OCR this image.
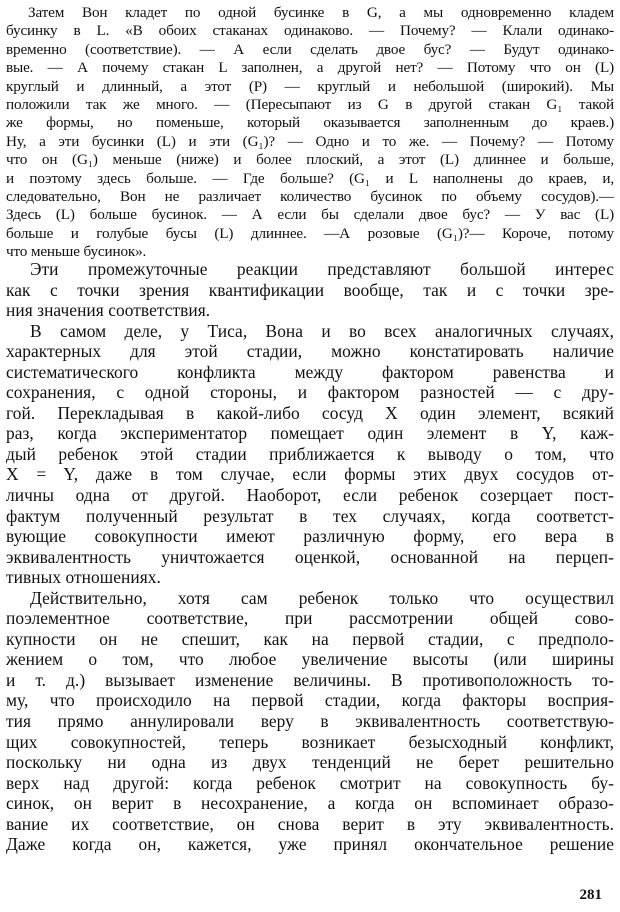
Затем Вон кладет по одной бусинке в G, а мы одновременно кладем
бусинку в L. «В обоих стаканах одинаково. — Почему? — Клали одинако-
временно (соответствие). — А если сделать двое бус? — Будут одинако-
вые. — А почему стакан L заполнен, а другой нет? — Потому что он (L)
круглый и длинный, а этот (P) — круглый и небольшой (широкий). Мы
положили так же много. — (Пересыпают из G в другой стакан G₁ такой
же формы, но поменьше, который оказывается заполненным до краев.)
Ну, а эти бусинки (L) и эти (G₁)? — Одно и то же. — Почему? — Потому
что он (G₁) меньше (ниже) и более плоский, а этот (L) длиннее и больше,
и поэтому здесь больше. — Где больше? (G₁ и L наполнены до краев, и,
следовательно, Вон не различает количество бусинок по объему сосудов).—
Здесь (L) больше бусинок. — А если бы сделали двое бус? — У вас (L)
больше и голубые бусы (L) длиннее. —А розовые (G₁)?— Короче, потому
что меньше бусинок».
Эти промежуточные реакции представляют большой интерес
как с точки зрения квантификации вообще, так и с точки зре-
ния значения соответствия.
В самом деле, у Тиса, Вона и во всех аналогичных случаях,
характерных для этой стадии, можно констатировать наличие
систематического конфликта между фактором равенства и
сохранения, с одной стороны, и фактором разностей — с дру-
гой. Перекладывая в какой-либо сосуд X один элемент, всякий
раз, когда экспериментатор помещает один элемент в Y, каж-
дый ребенок этой стадии приближается к выводу о том, что
X = Y, даже в том случае, если формы этих двух сосудов от-
личны одна от другой. Наоборот, если ребенок созерцает пост-
фактум полученный результат в тех случаях, когда соответст-
вующие совокупности имеют различную форму, его вера в
эквивалентность уничтожается оценкой, основанной на перцеп-
тивных отношениях.
Действительно, хотя сам ребенок только что осуществил
поэлементное соответствие, при рассмотрении общей сово-
купности он не спешит, как на первой стадии, с предполо-
жением о том, что любое увеличение высоты (или ширины
и т. д.) вызывает изменение величины. В противоположность то-
му, что происходило на первой стадии, когда факторы восприя-
тия прямо аннулировали веру в эквивалентность соответствую-
щих совокупностей, теперь возникает безысходный конфликт,
поскольку ни одна из двух тенденций не берет решительно
верх над другой: когда ребенок смотрит на совокупность бу-
синок, он верит в несохранение, а когда он вспоминает образо-
вание их соответствие, он снова верит в эту эквивалентность.
Даже когда он, кажется, уже принял окончательное решение
281
